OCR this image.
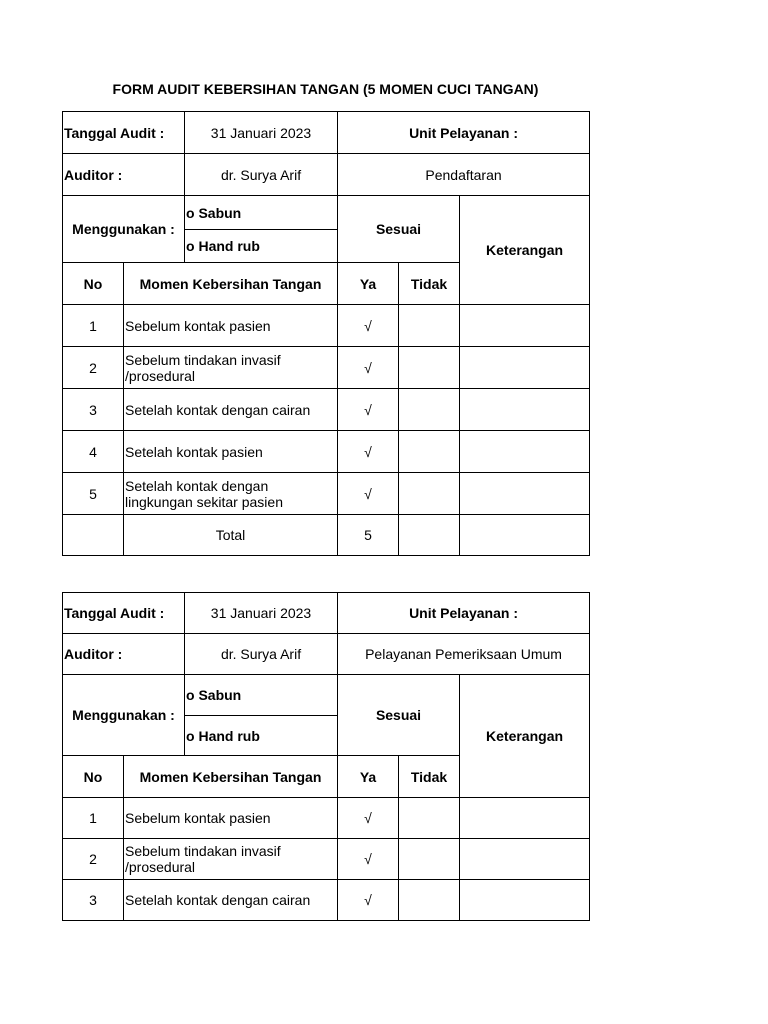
FORM AUDIT KEBERSIHAN TANGAN (5 MOMEN CUCI TANGAN)
Tanggal Audit :		31 Januari 2023	Unit Pelayanan :		
Auditor :		dr. Surya Arif	Pendaftaran		
Menggunakan :		o Sabun	Sesuai		Keterangan
		o Hand rub			
No	Momen Kebersihan Tangan		Ya	Tidak	
1	Sebelum kontak pasien		√		
2	Sebelum tindakan invasif /prosedural		√		
3	Setelah kontak dengan cairan		√		
4	Setelah kontak pasien		√		
5	Setelah kontak dengan lingkungan sekitar pasien		√		
	Total		5		
Tanggal Audit :		31 Januari 2023	Unit Pelayanan :		
Auditor :		dr. Surya Arif	Pelayanan Pemeriksaan Umum		
Menggunakan :		o Sabun	Sesuai		Keterangan
		o Hand rub			
No	Momen Kebersihan Tangan		Ya	Tidak	
1	Sebelum kontak pasien		√		
2	Sebelum tindakan invasif /prosedural		√		
3	Setelah kontak dengan cairan		√		
